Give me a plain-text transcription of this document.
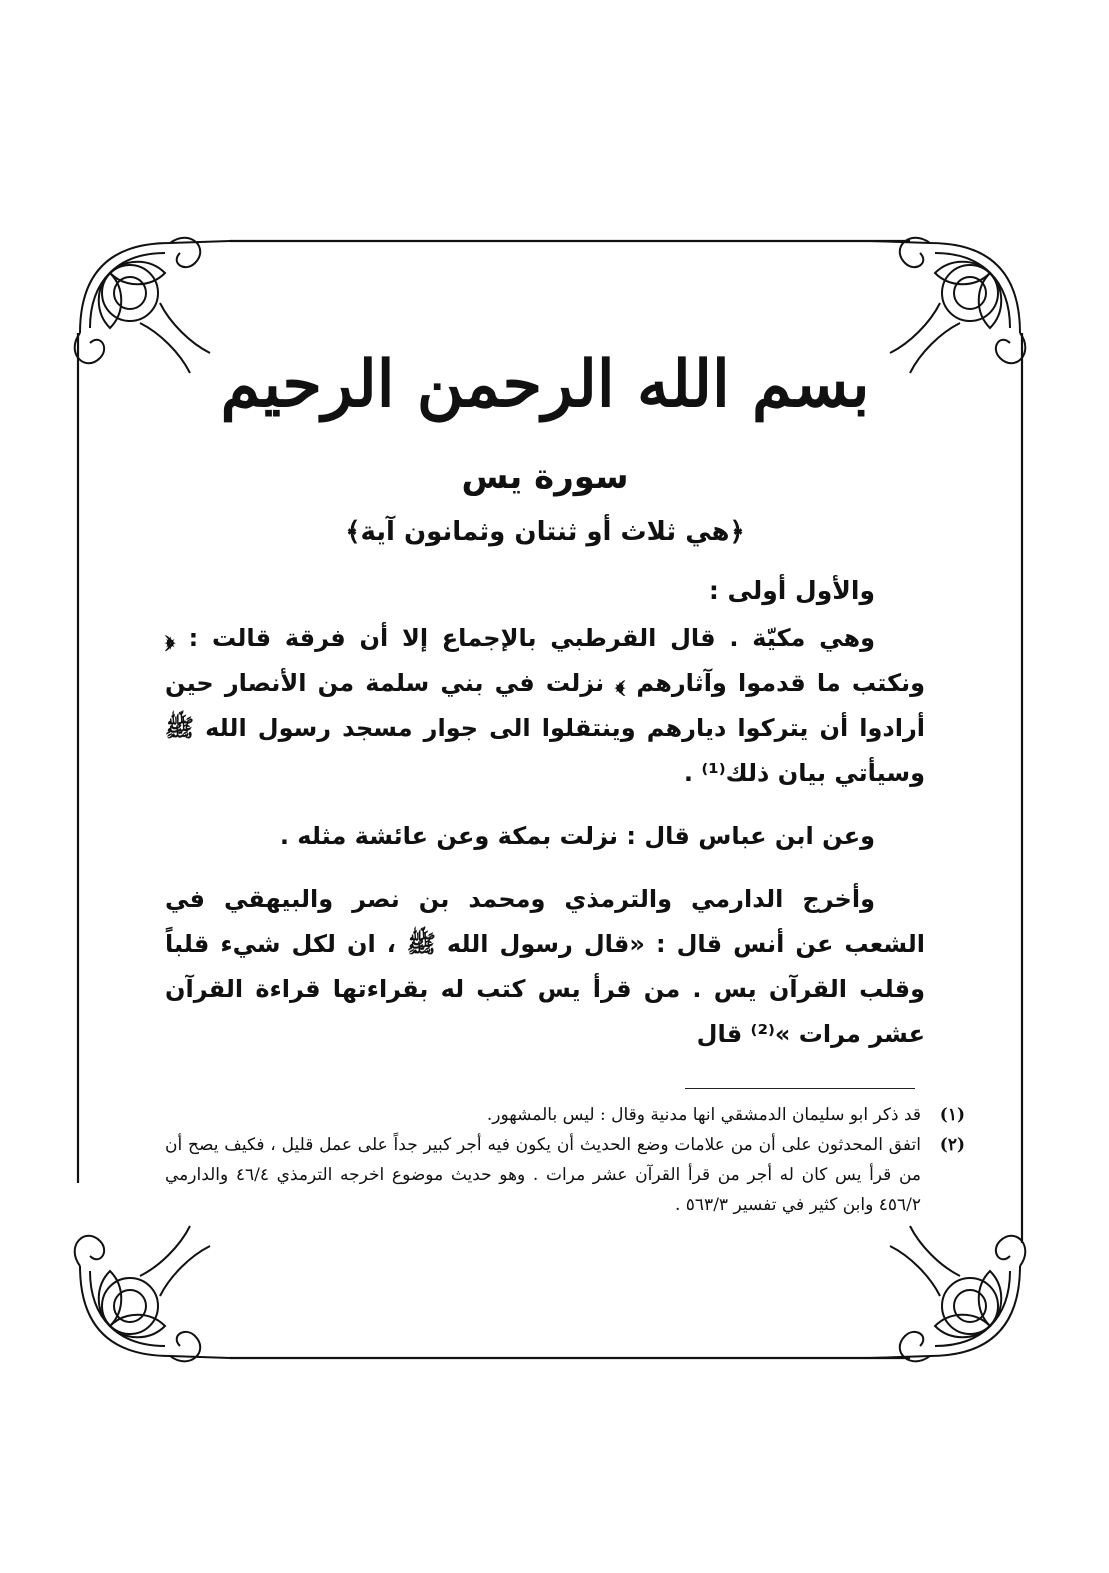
بسم الله الرحمن الرحيم
سورة يس
﴿هي ثلاث أو ثنتان وثمانون آية﴾
والأول أولى :

وهي مكيّة . قال القرطبي بالإجماع إلا أن فرقة قالت : ﴿ ونكتب ما قدموا وآثارهم ﴾ نزلت في بني سلمة من الأنصار حين أرادوا أن يتركوا ديارهم وينتقلوا الى جوار مسجد رسول الله ﷺ وسيأتي بيان ذلك⁽¹⁾ .

وعن ابن عباس قال : نزلت بمكة وعن عائشة مثله .

وأخرج الدارمي والترمذي ومحمد بن نصر والبيهقي في الشعب عن أنس قال : «قال رسول الله ﷺ ، ان لكل شيء قلباً وقلب القرآن يس . من قرأ يس كتب له بقراءتها قراءة القرآن عشر مرات »⁽²⁾ قال

(١)
قد ذكر ابو سليمان الدمشقي انها مدنية وقال : ليس بالمشهور.
(٢)
اتفق المحدثون على أن من علامات وضع الحديث أن يكون فيه أجر كبير جداً على عمل قليل ، فكيف يصح أن من قرأ يس كان له أجر من قرأ القرآن عشر مرات . وهو حديث موضوع اخرجه الترمذي ٤٦/٤ والدارمي ٤٥٦/٢ وابن كثير في تفسير ٥٦٣/٣ .
